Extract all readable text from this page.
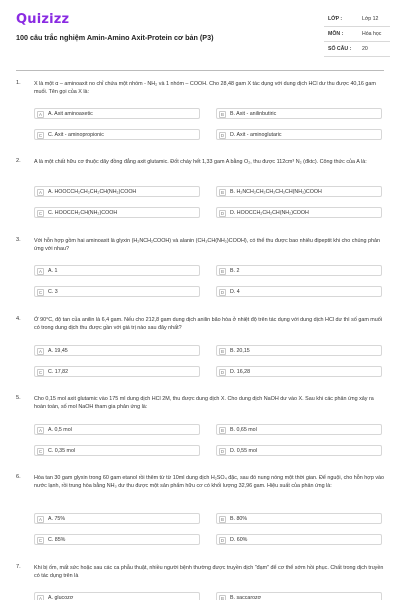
Quizizz
100 câu trắc nghiệm Amin-Amino Axit-Protein cơ bản (P3)
LỚP :	Lớp 12
MÔN :	Hóa học
SỐ CÂU : 20
1. X là một α – aminoaxit no chỉ chứa một nhóm - NH₂ và 1 nhóm – COOH. Cho 28,48 gam X tác dụng với dung dịch HCl dư thu được 40,16 gam muối. Tên gọi của X là:
A	A. Axit aminoaxetic	B	B. Axit - anilinbutiric
C	C. Axit - aminopropionic	D	D. Axit - aminoglutaric
2. A là một chất hữu cơ thuộc dãy đồng đẳng axit glutamic. Đốt cháy hết 1,33 gam A bằng O₂, thu được 112cm³ N₂ (đktc). Công thức của A là:
A	A. HOOCCH₂CH₂CH₂CH(NH₂)COOH	B	B. H₂NCH₂CH₂CH₂CH₂CH(NH₂)COOH
C	C. HOOCCH₂CH(NH₂)COOH	D	D. HOOCCH₂CH₂CH(NH₂)COOH
3. Với hỗn hợp gồm hai aminoaxit là glyxin (H₂NCH₂COOH) và alanin (CH₃CH(NH₂)COOH), có thể thu được bao nhiêu đipeptit khi cho chúng phản ứng với nhau?
A	A. 1	B	B. 2
C	C. 3	D	D. 4
4. Ở 90°C, độ tan của anilin là 6,4 gam. Nếu cho 212,8 gam dung dịch anilin bão hòa ở nhiệt độ trên tác dụng với dung dịch HCl dư thì số gam muối có trong dung dịch thu được gần với giá trị nào sau đây nhất?
A	A. 19,45	B	B. 20,15
C	C. 17,82	D	D. 16,28
5. Cho 0,15 mol axit glutamic vào 175 ml dung dịch HCl 2M, thu được dung dịch X. Cho dung dịch NaOH dư vào X. Sau khi các phản ứng xảy ra hoàn toàn, số mol NaOH tham gia phản ứng là:
A	A. 0,5 mol	B	B. 0,65 mol
C	C. 0,35 mol	D	D. 0,55 mol
6. Hòa tan 30 gam glyxin trong 60 gam etanol rồi thêm từ từ 10ml dung dịch H₂SO₄ đặc, sau đó nung nóng một thời gian. Để nguội, cho hỗn hợp vào nước lạnh, rồi trung hòa bằng NH₃ dư thu được một sản phẩm hữu cơ có khối lượng 32,96 gam. Hiệu suất của phản ứng là:
A	A. 75%	B	B. 80%
C	C. 85%	D	D. 60%
7. Khi bị ốm, mất sức hoặc sau các ca phẫu thuật, nhiều người bệnh thường được truyền dịch "đạm" để cơ thể sớm hồi phục. Chất trong dịch truyền có tác dụng trên là
A	A. glucozơ	B	B. saccarozơ
